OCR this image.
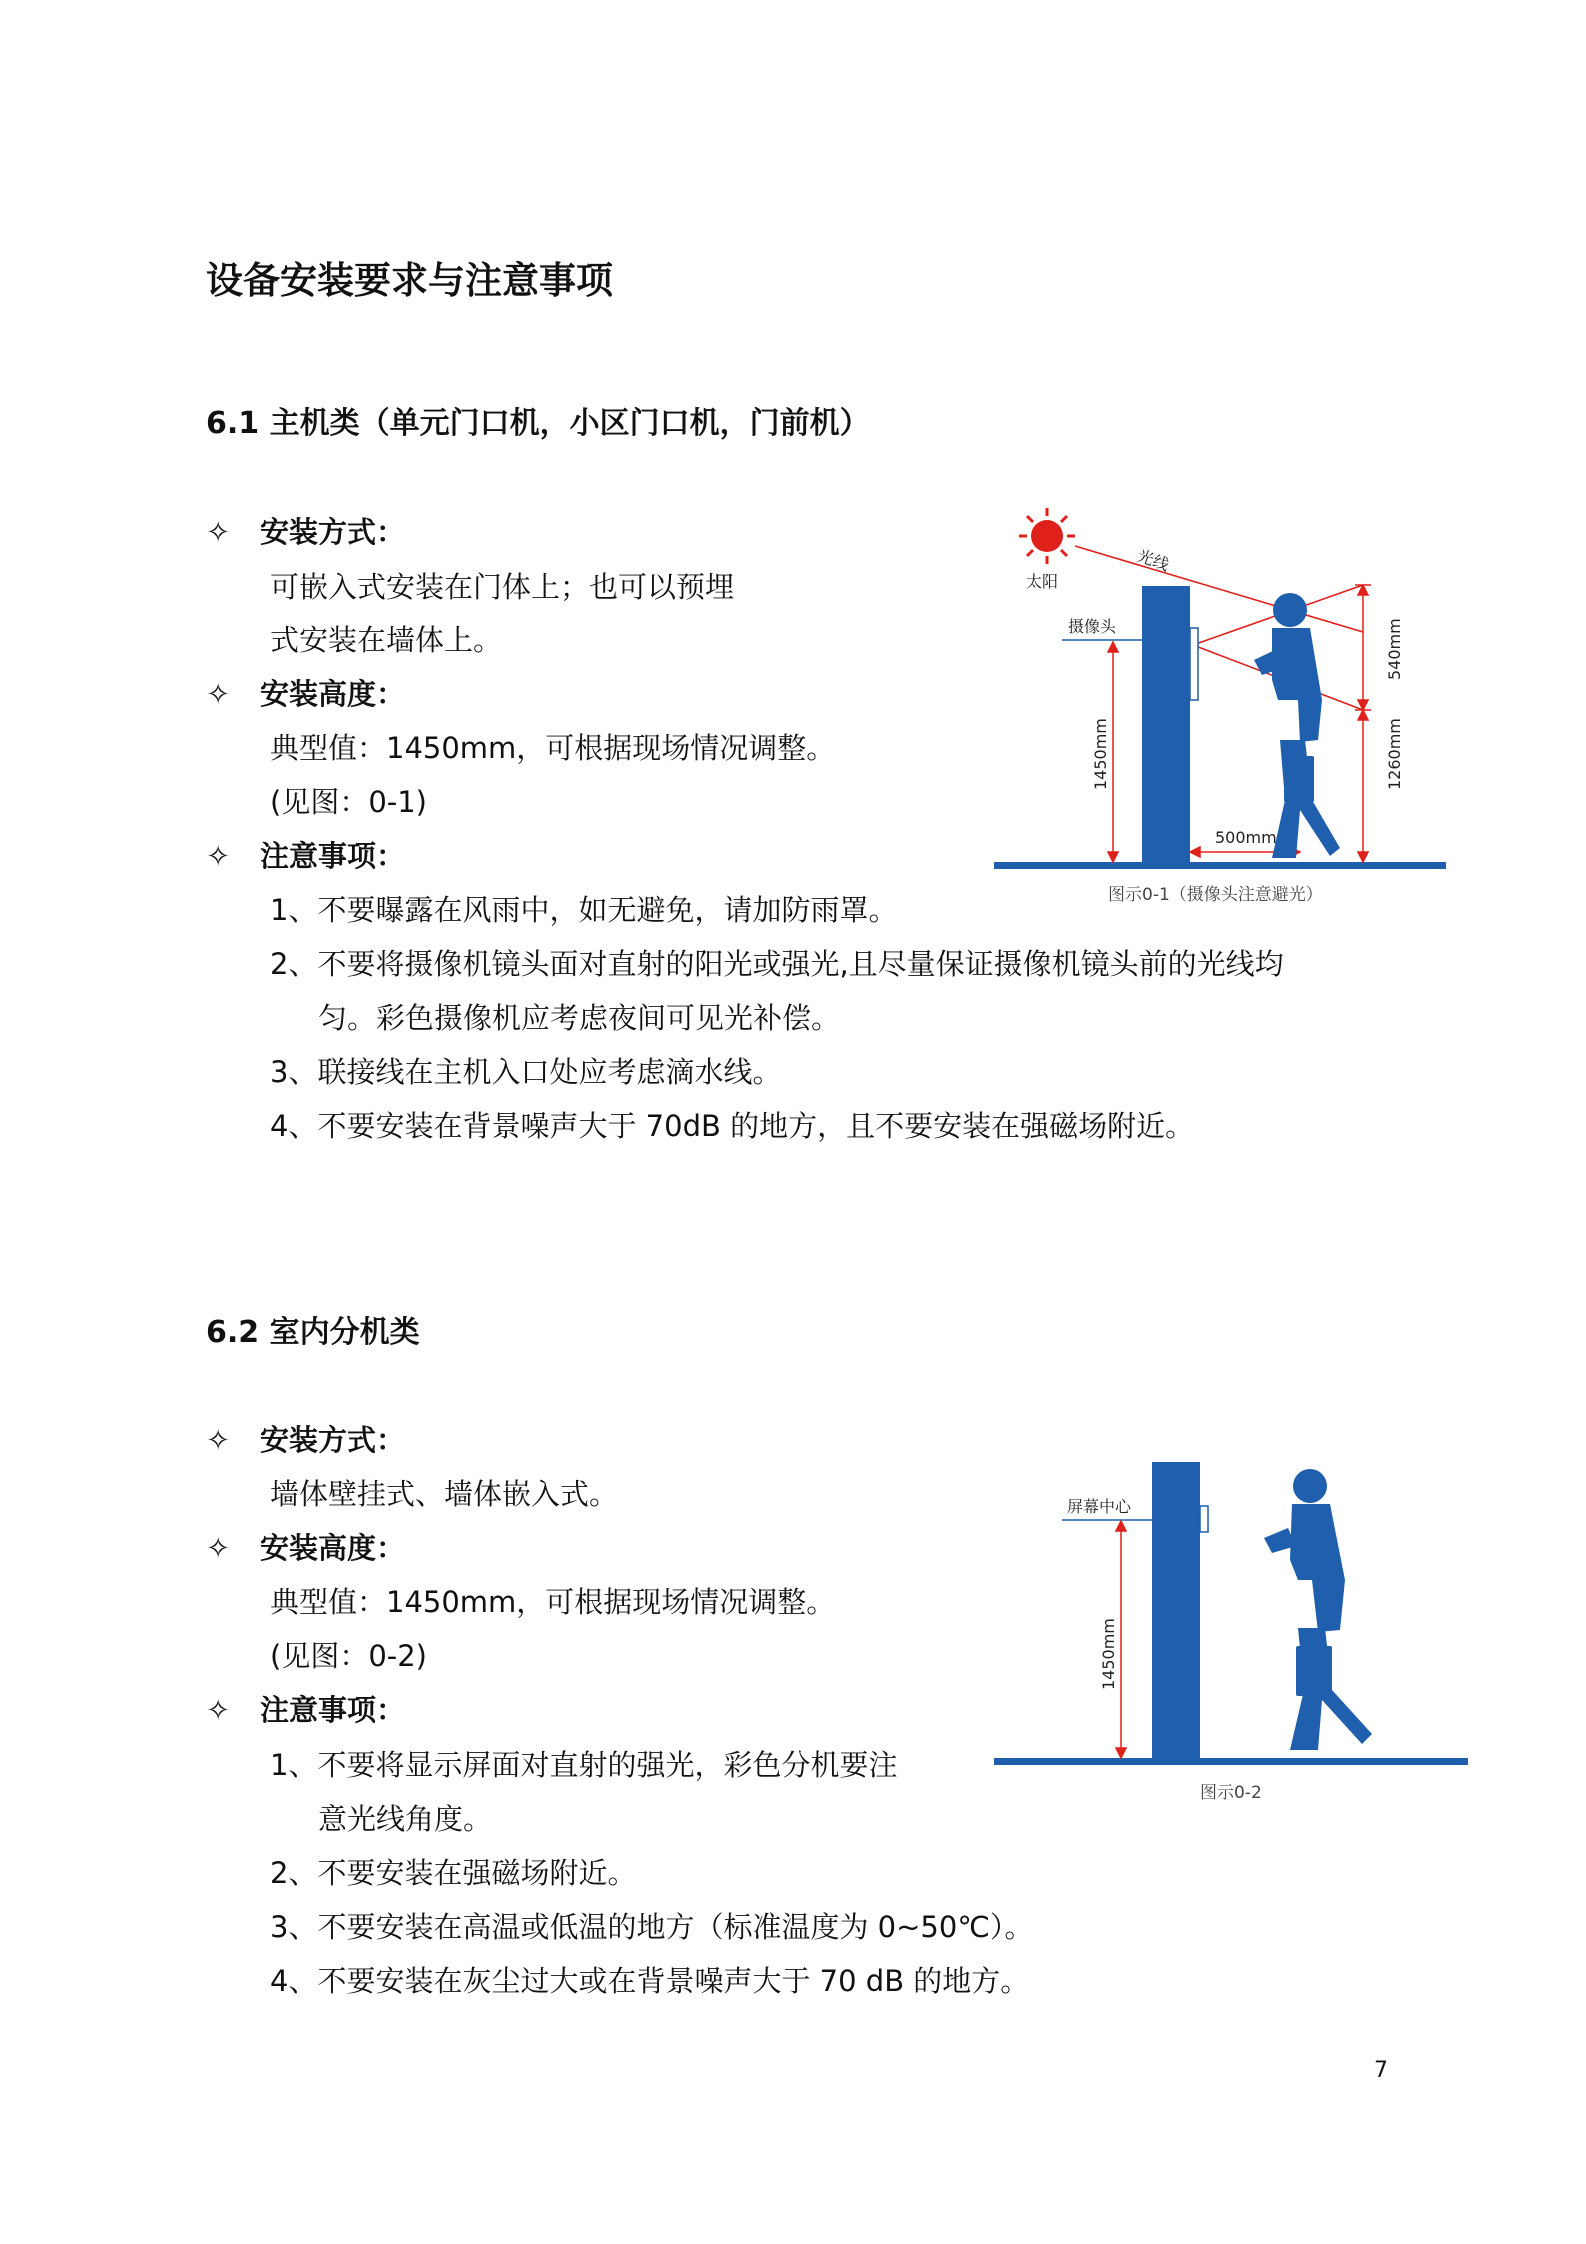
设备安装要求与注意事项
6.1 主机类（单元门口机，小区门口机，门前机）
✧ 安装方式：
可嵌入式安装在门体上；也可以预埋
式安装在墙体上。
✧ 安装高度：
典型值：1450mm，可根据现场情况调整。
(见图：0-1)
✧ 注意事项：
1、不要曝露在风雨中，如无避免，请加防雨罩。
2、不要将摄像机镜头面对直射的阳光或强光,且尽量保证摄像机镜头前的光线均
匀。彩色摄像机应考虑夜间可见光补偿。
3、联接线在主机入口处应考虑滴水线。
4、不要安装在背景噪声大于 70dB 的地方，且不要安装在强磁场附近。
太阳
光线
摄像头
1450mm
500mm
540mm
1260mm
图示0-1（摄像头注意避光）
6.2 室内分机类
✧ 安装方式：
墙体壁挂式、墙体嵌入式。
✧ 安装高度：
典型值：1450mm，可根据现场情况调整。
(见图：0-2)
✧ 注意事项：
1、不要将显示屏面对直射的强光，彩色分机要注
意光线角度。
2、不要安装在强磁场附近。
3、不要安装在高温或低温的地方（标准温度为 0~50℃）。
4、不要安装在灰尘过大或在背景噪声大于 70 dB 的地方。
屏幕中心
1450mm
图示0-2
7
